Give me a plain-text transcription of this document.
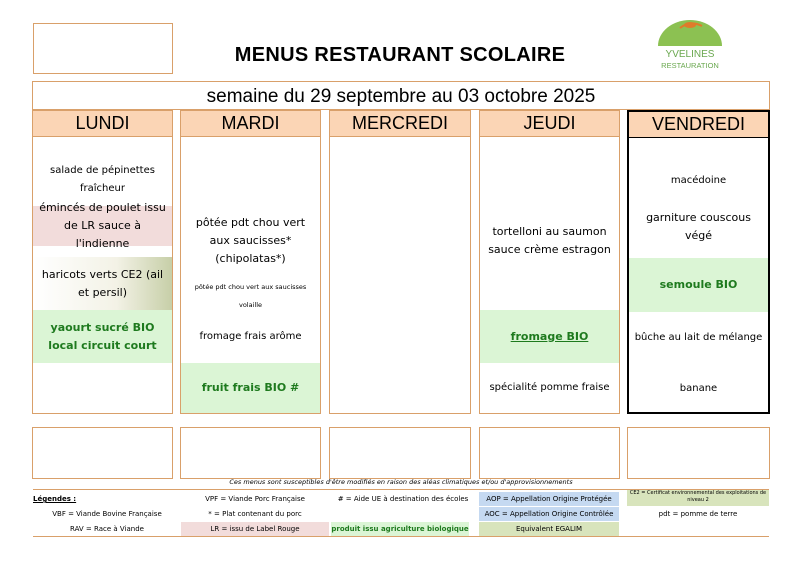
MENUS RESTAURANT SCOLAIRE	YVELINES
RESTAURATION
semaine du 29 septembre au 03 octobre 2025
LUNDI
salade de pépinettes fraîcheur
émincés de poulet issu de LR sauce à l'indienne
haricots verts CE2 (ail et persil)
yaourt sucré BIO local circuit court
MARDI
pôtée pdt chou vert aux saucisses* (chipolatas*)
pôtée pdt chou vert aux saucisses volaille
fromage frais arôme
fruit frais BIO #
MERCREDI	JEUDI
tortelloni au saumon sauce crème estragon
fromage BIO
spécialité pomme fraise
VENDREDI
macédoine
garniture couscous végé
semoule BIO
bûche au lait de mélange
banane
Ces menus sont susceptibles d'être modifiés en raison des aléas climatiques et/ou d'approvisionnements
Légendes :
VBF = Viande Bovine Française
RAV = Race à Viande
VPF = Viande Porc Française
* = Plat contenant du porc
LR = issu de Label Rouge
# = Aide UE à destination des écoles
produit issu agriculture biologique
AOP = Appellation Origine Protégée
AOC = Appellation Origine Contrôlée
Equivalent EGALIM
CE2 = Certificat environnemental des exploitations de niveau 2
pdt = pomme de terre
